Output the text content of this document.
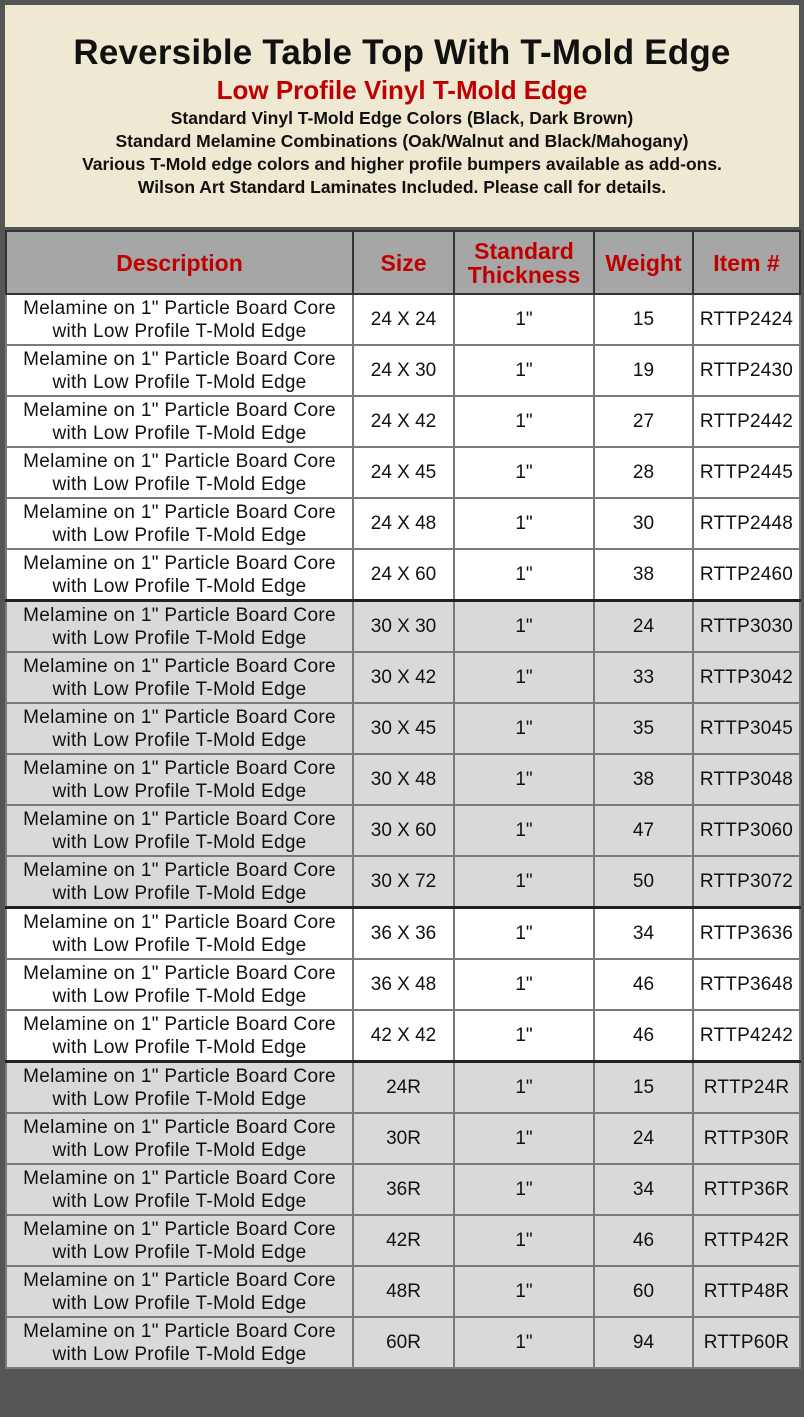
Reversible Table Top With T-Mold Edge
Low Profile Vinyl T-Mold Edge
Standard Vinyl T-Mold Edge Colors (Black, Dark Brown)
Standard Melamine Combinations (Oak/Walnut and Black/Mahogany)
Various T-Mold edge colors and higher profile bumpers available as add-ons.
Wilson Art Standard Laminates Included. Please call for details.
Description	Size	Standard
Thickness	Weight	Item #
Melamine on 1" Particle Board Core
with Low Profile T-Mold Edge	24 X 24	1"	15	RTTP2424
Melamine on 1" Particle Board Core
with Low Profile T-Mold Edge	24 X 30	1"	19	RTTP2430
Melamine on 1" Particle Board Core
with Low Profile T-Mold Edge	24 X 42	1"	27	RTTP2442
Melamine on 1" Particle Board Core
with Low Profile T-Mold Edge	24 X 45	1"	28	RTTP2445
Melamine on 1" Particle Board Core
with Low Profile T-Mold Edge	24 X 48	1"	30	RTTP2448
Melamine on 1" Particle Board Core
with Low Profile T-Mold Edge	24 X 60	1"	38	RTTP2460
Melamine on 1" Particle Board Core
with Low Profile T-Mold Edge	30 X 30	1"	24	RTTP3030
Melamine on 1" Particle Board Core
with Low Profile T-Mold Edge	30 X 42	1"	33	RTTP3042
Melamine on 1" Particle Board Core
with Low Profile T-Mold Edge	30 X 45	1"	35	RTTP3045
Melamine on 1" Particle Board Core
with Low Profile T-Mold Edge	30 X 48	1"	38	RTTP3048
Melamine on 1" Particle Board Core
with Low Profile T-Mold Edge	30 X 60	1"	47	RTTP3060
Melamine on 1" Particle Board Core
with Low Profile T-Mold Edge	30 X 72	1"	50	RTTP3072
Melamine on 1" Particle Board Core
with Low Profile T-Mold Edge	36 X 36	1"	34	RTTP3636
Melamine on 1" Particle Board Core
with Low Profile T-Mold Edge	36 X 48	1"	46	RTTP3648
Melamine on 1" Particle Board Core
with Low Profile T-Mold Edge	42 X 42	1"	46	RTTP4242
Melamine on 1" Particle Board Core
with Low Profile T-Mold Edge	24R	1"	15	RTTP24R
Melamine on 1" Particle Board Core
with Low Profile T-Mold Edge	30R	1"	24	RTTP30R
Melamine on 1" Particle Board Core
with Low Profile T-Mold Edge	36R	1"	34	RTTP36R
Melamine on 1" Particle Board Core
with Low Profile T-Mold Edge	42R	1"	46	RTTP42R
Melamine on 1" Particle Board Core
with Low Profile T-Mold Edge	48R	1"	60	RTTP48R
Melamine on 1" Particle Board Core
with Low Profile T-Mold Edge	60R	1"	94	RTTP60R
